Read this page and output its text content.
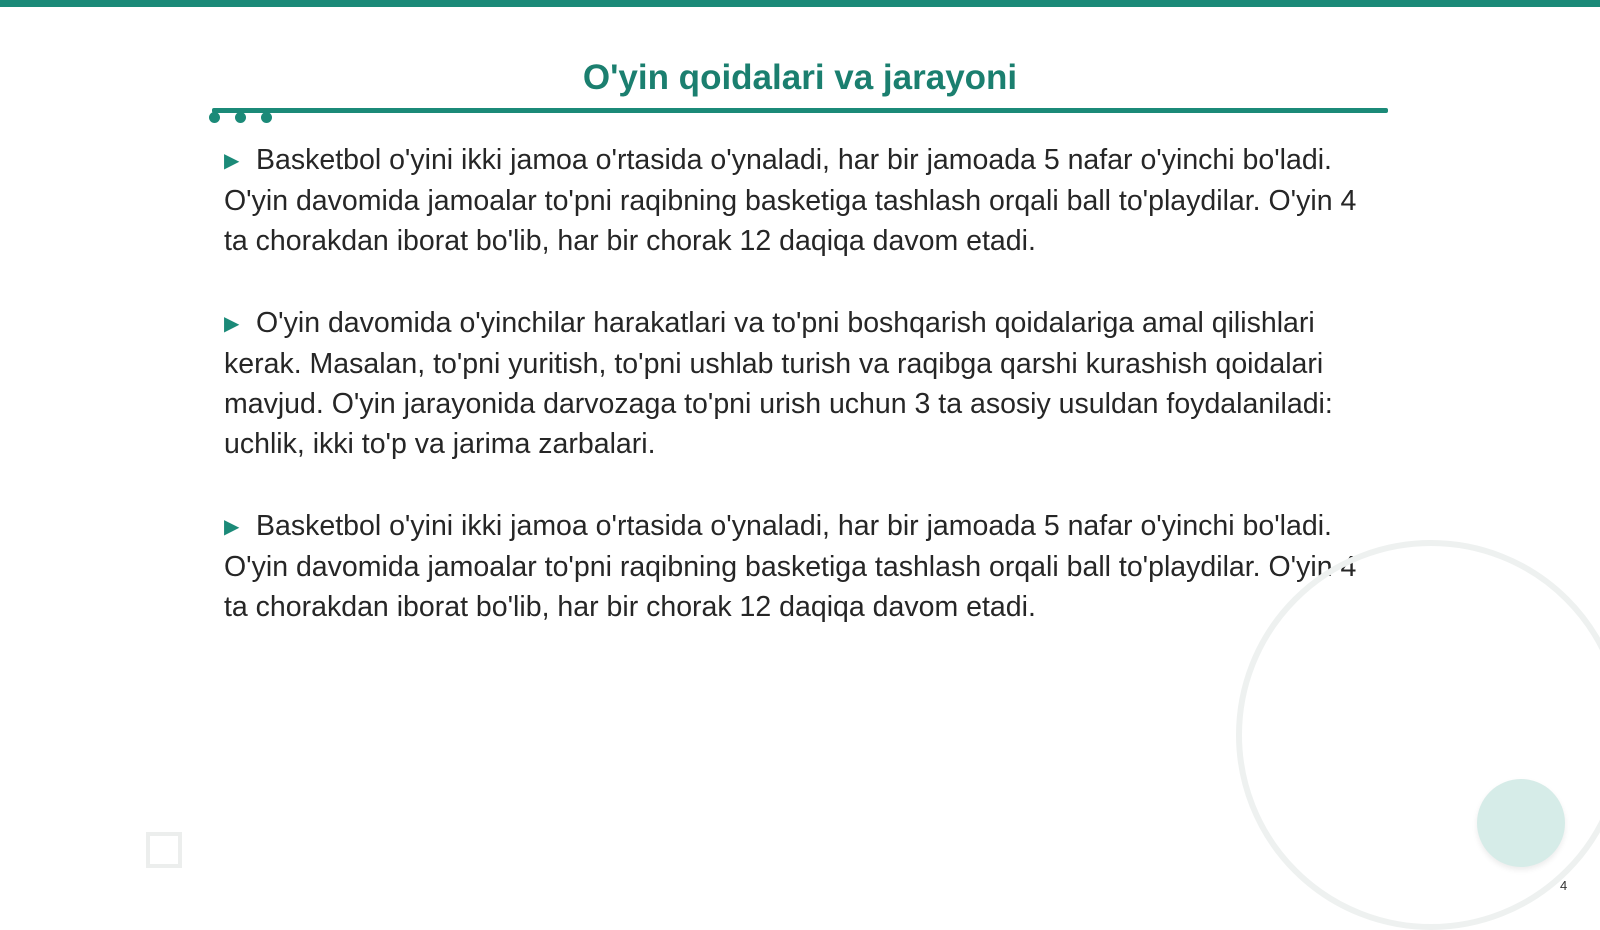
O'yin qoidalari va jarayoni

▶ Basketbol o'yini ikki jamoa o'rtasida o'ynaladi, har bir jamoada 5 nafar o'yinchi bo'ladi. O'yin davomida jamoalar to'pni raqibning basketiga tashlash orqali ball to'playdilar. O'yin 4 ta chorakdan iborat bo'lib, har bir chorak 12 daqiqa davom etadi.

▶ O'yin davomida o'yinchilar harakatlari va to'pni boshqarish qoidalariga amal qilishlari kerak. Masalan, to'pni yuritish, to'pni ushlab turish va raqibga qarshi kurashish qoidalari mavjud. O'yin jarayonida darvozaga to'pni urish uchun 3 ta asosiy usuldan foydalaniladi: uchlik, ikki to'p va jarima zarbalari.

▶ Basketbol o'yini ikki jamoa o'rtasida o'ynaladi, har bir jamoada 5 nafar o'yinchi bo'ladi. O'yin davomida jamoalar to'pni raqibning basketiga tashlash orqali ball to'playdilar. O'yin 4 ta chorakdan iborat bo'lib, har bir chorak 12 daqiqa davom etadi.

4
